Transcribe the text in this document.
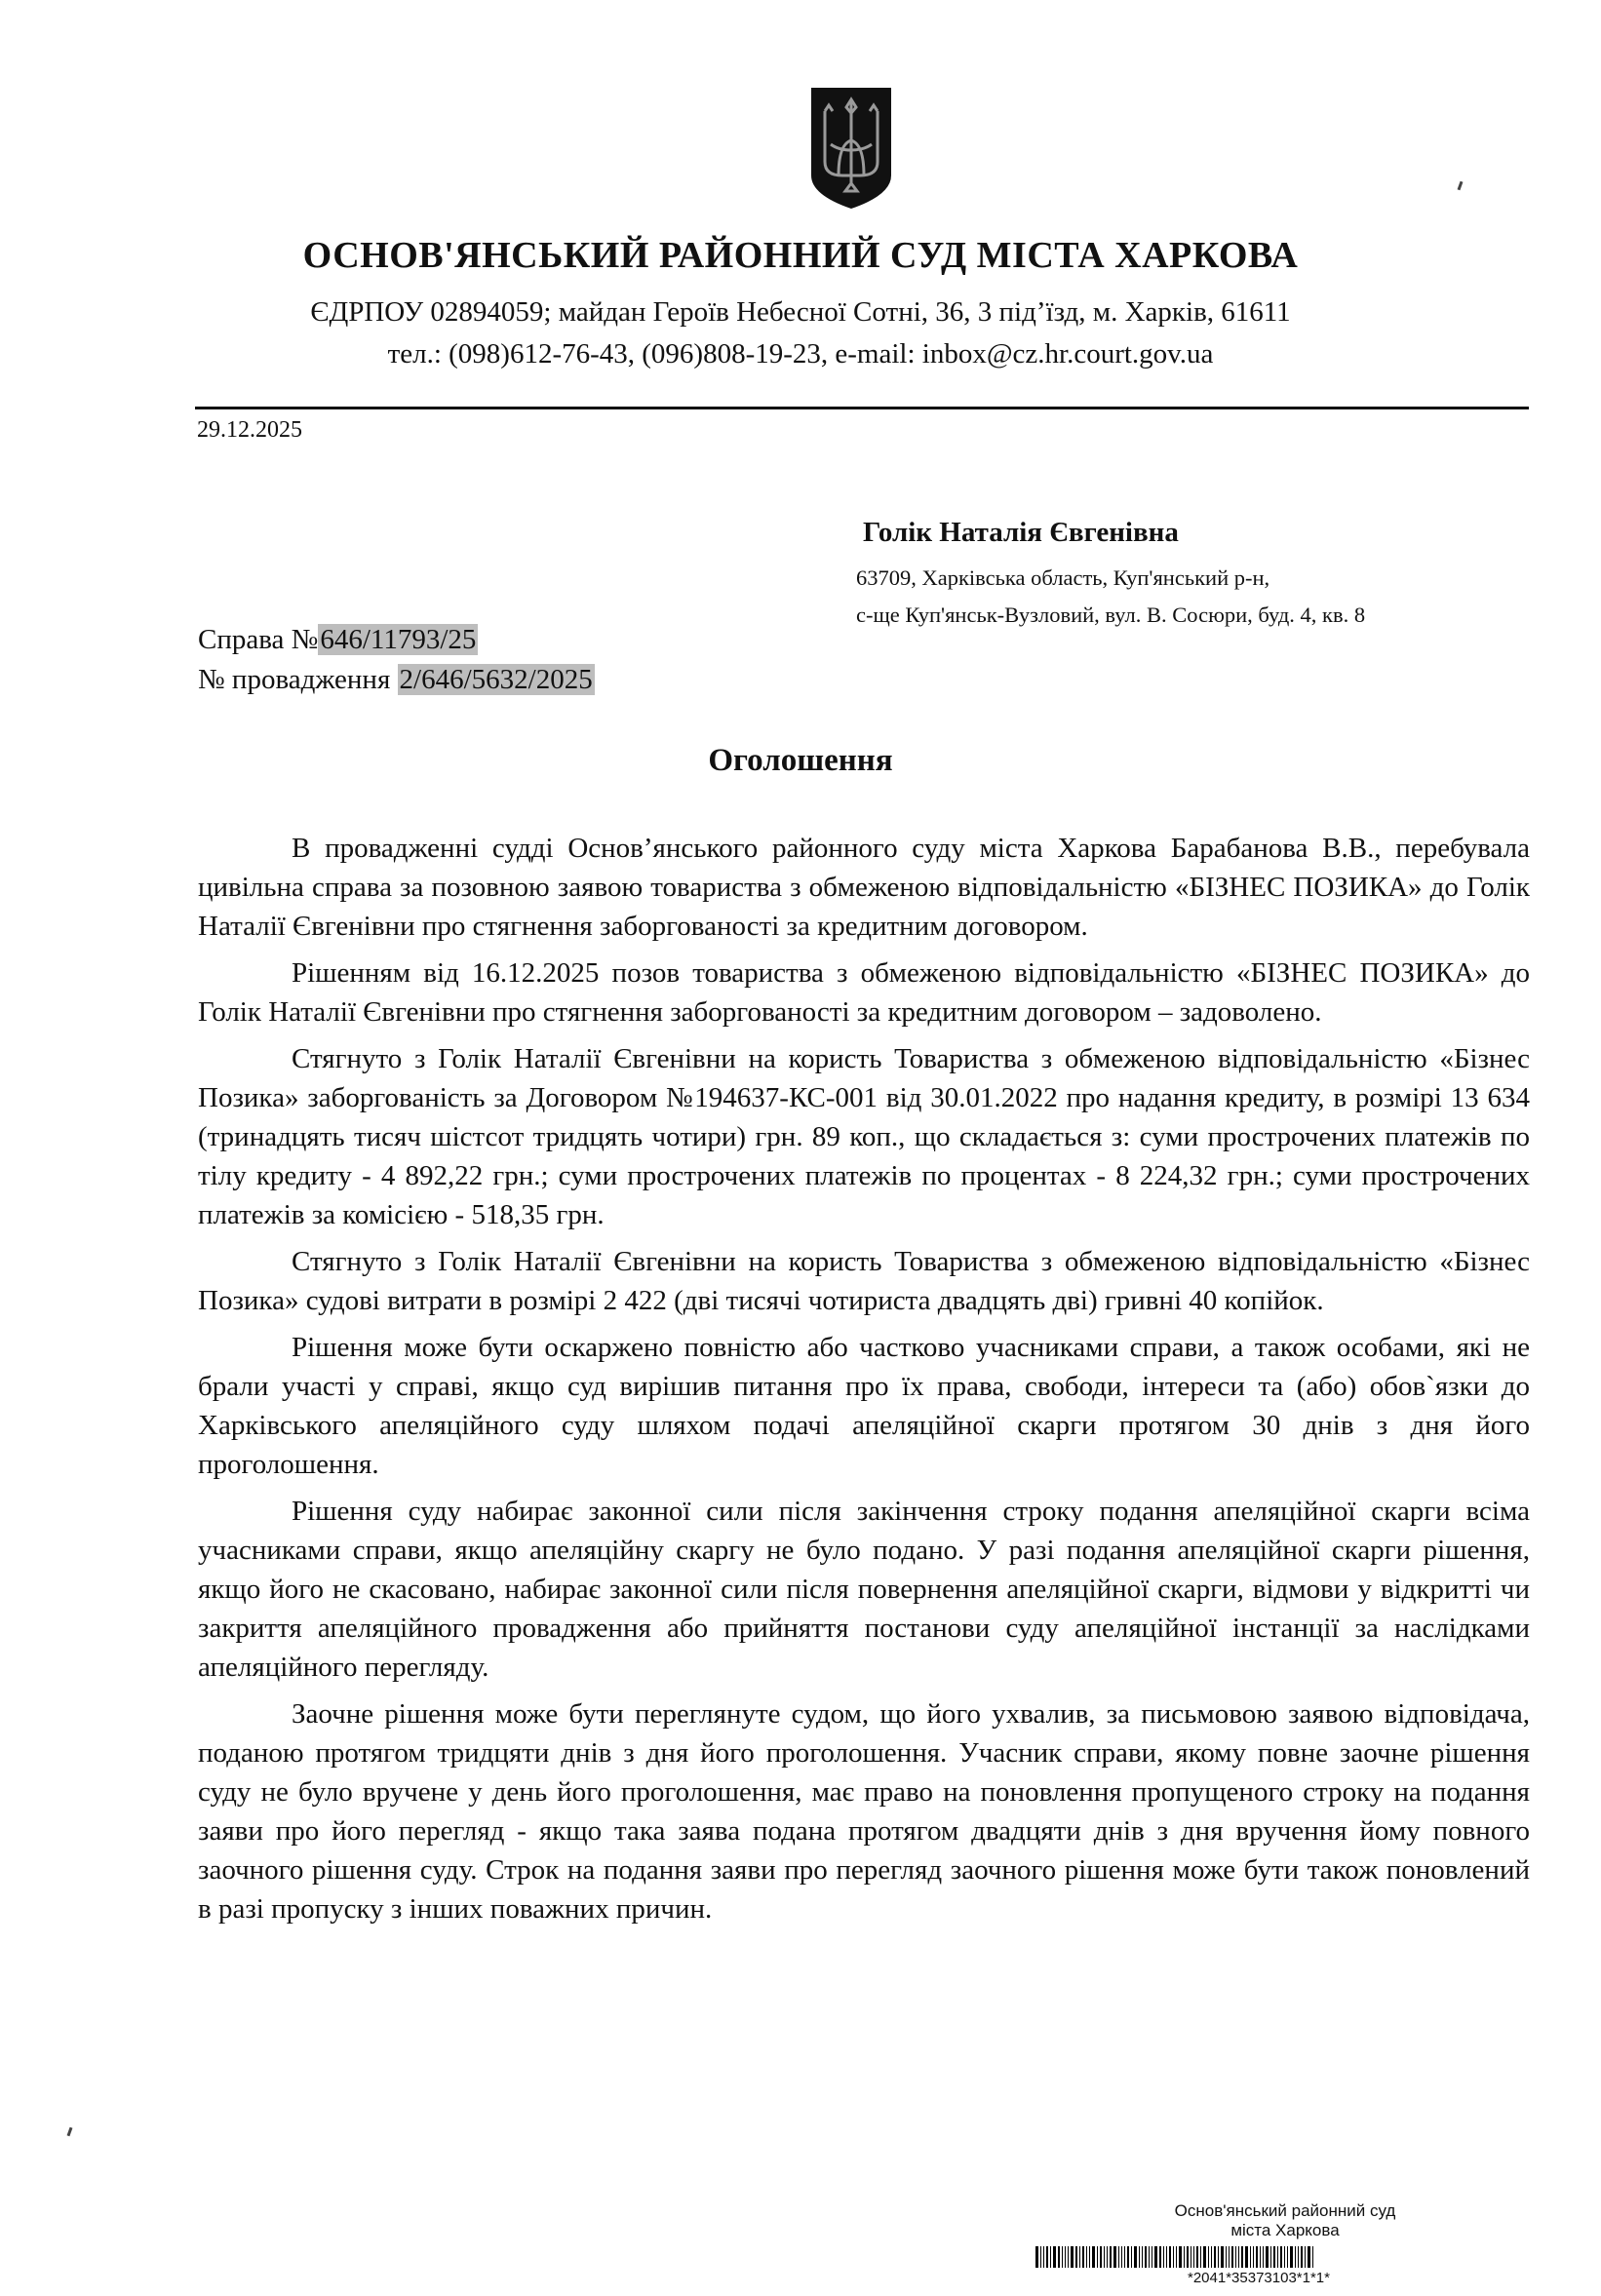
ОСНОВ'ЯНСЬКИЙ РАЙОННИЙ СУД МІСТА ХАРКОВА
ЄДРПОУ 02894059; майдан Героїв Небесної Сотні, 36, 3 під’їзд, м. Харків, 61611
тел.: (098)612-76-43, (096)808-19-23, e-mail: inbox@cz.hr.court.gov.ua
29.12.2025
Голік Наталія Євгенівна
63709, Харківська область, Куп'янський р-н,
с-ще Куп'янськ-Вузловий, вул. В. Сосюри, буд. 4, кв. 8
Справа №646/11793/25
№ провадження 2/646/5632/2025
Оголошення

В провадженні судді Основ’янського районного суду міста Харкова Барабанова В.В., перебувала цивільна справа за позовною заявою товариства з обмеженою відповідальністю «БІЗНЕС ПОЗИКА» до Голік Наталії Євгенівни про стягнення заборгованості за кредитним договором.

Рішенням від 16.12.2025 позов товариства з обмеженою відповідальністю «БІЗНЕС ПОЗИКА» до Голік Наталії Євгенівни про стягнення заборгованості за кредитним договором – задоволено.

Стягнуто з Голік Наталії Євгенівни на користь Товариства з обмеженою відповідальністю «Бізнес Позика» заборгованість за Договором №194637-КС-001 від 30.01.2022 про надання кредиту, в розмірі 13 634 (тринадцять тисяч шістсот тридцять чотири) грн. 89 коп., що складається з: суми прострочених платежів по тілу кредиту - 4 892,22 грн.; суми прострочених платежів по процентах - 8 224,32 грн.; суми прострочених платежів за комісією - 518,35 грн.

Стягнуто з Голік Наталії Євгенівни на користь Товариства з обмеженою відповідальністю «Бізнес Позика» судові витрати в розмірі 2 422 (дві тисячі чотириста двадцять дві) гривні 40 копійок.

Рішення може бути оскаржено повністю або частково учасниками справи, а також особами, які не брали участі у справі, якщо суд вирішив питання про їх права, свободи, інтереси та (або) обов`язки до Харківського апеляційного суду шляхом подачі апеляційної скарги протягом 30 днів з дня його проголошення.

Рішення суду набирає законної сили після закінчення строку подання апеляційної скарги всіма учасниками справи, якщо апеляційну скаргу не було подано. У разі подання апеляційної скарги рішення, якщо його не скасовано, набирає законної сили після повернення апеляційної скарги, відмови у відкритті чи закриття апеляційного провадження або прийняття постанови суду апеляційної інстанції за наслідками апеляційного перегляду.

Заочне рішення може бути переглянуте судом, що його ухвалив, за письмовою заявою відповідача, поданою протягом тридцяти днів з дня його проголошення. Учасник справи, якому повне заочне рішення суду не було вручене у день його проголошення, має право на поновлення пропущеного строку на подання заяви про його перегляд - якщо така заява подана протягом двадцяти днів з дня вручення йому повного заочного рішення суду. Строк на подання заяви про перегляд заочного рішення може бути також поновлений в разі пропуску з інших поважних причин.

Основ'янський районний суд
міста Харкова
*2041*35373103*1*1*
